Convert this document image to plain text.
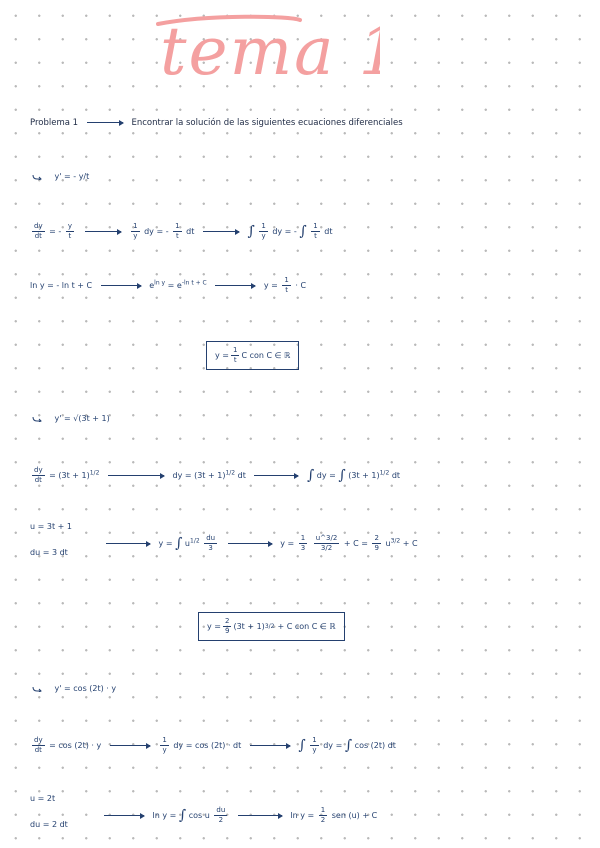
tema 1
Problema 1	Encontrar la solución de las siguientes ecuaciones diferenciales
y' = - y/t
$\frac{dy}{dt}$ = - $\frac{y}{t}$
	$\frac{1}{y}$ dy = - $\frac{1}{t}$ dt	∫ $\frac{1}{y}$ dy = - ∫ $\frac{1}{t}$ dt
ln y = - ln t + C	$e^{ln y} = e^{-ln t + C}$	$y = \frac{1}{t} \cdot C$
$y = \frac{1}{t}$ C con C ∈ ℝ
y' = √(3t + 1)
$\frac{dy}{dt} = (3t + 1)^{1/2}$	dy = $(3t + 1)^{1/2}$ dt	∫ dy = ∫ $(3t + 1)^{1/2}$ dt
u = 3t + 1
du = 3 dt
y = ∫ $u^{1/2} \frac{du}{3}$	$y = \frac{1}{3}$
$\frac{u\^{}3/2}{3/2} + C = \frac{2}{9} u^{3/2} + C$
$y = \frac{2}{9} (3t + 1) 3/2 + C$ con C ∈ ℝ
y' = cos (2t) · y
$\frac{dy}{dt} = \cos (2t) \cdot y$	$\frac{1}{y}$ dy = cos (2t) · dt	∫ $\frac{1}{y}$ dy = ∫ cos (2t) dt
u = 2t
du = 2 dt
ln y = ∫ cos u $\frac{du}{2}$	$\ln y = \frac{1}{2}$ sen (u) + C
